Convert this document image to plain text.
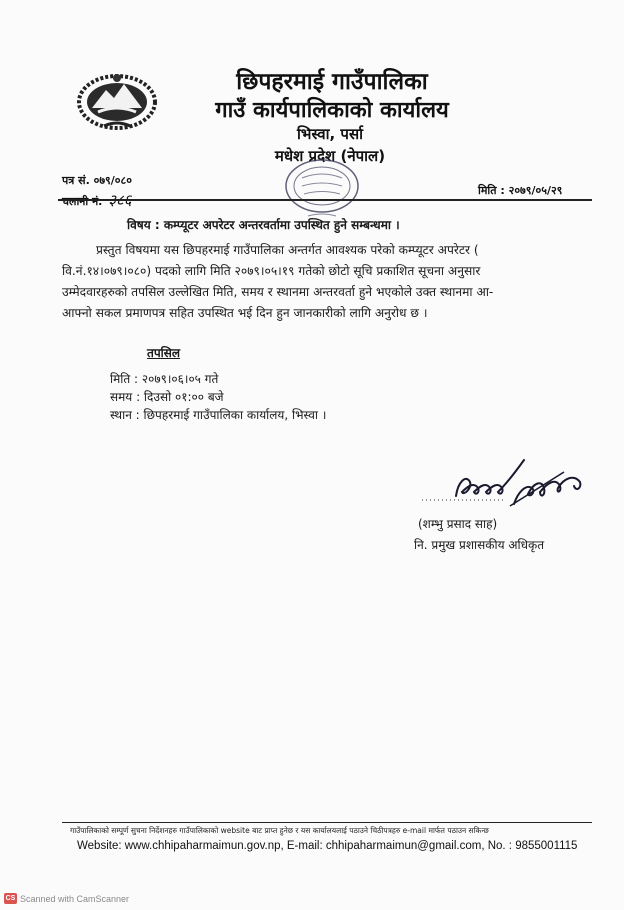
छिपहरमाई गाउँपालिका
गाउँ कार्यपालिकाको कार्यालय
भिस्वा, पर्सा
मधेश प्रदेश (नेपाल)
पत्र सं. ०७९/०८०
चलानी नं. ३८६
मिति : २०७९/०५/२९
विषय : कम्प्यूटर अपरेटर अन्तरवर्तामा उपस्थित हुने सम्बन्धमा ।
प्रस्तुत विषयमा यस छिपहरमाई गाउँपालिका अन्तर्गत आवश्यक परेको कम्प्यूटर अपरेटर (
वि.नं.१४।०७९।०८०) पदको लागि मिति २०७९।०५।१९ गतेको छोटो सूचि प्रकाशित सूचना अनुसार
उम्मेदवारहरुको तपसिल उल्लेखित मिति, समय र स्थानमा अन्तरवर्ता हुने भएकोले उक्त स्थानमा आ-
आफ्नो सकल प्रमाणपत्र सहित उपस्थित भई दिन हुन जानकारीको लागि अनुरोध छ ।
तपसिल
मिति : २०७९।०६।०५ गते
समय : दिउसो ०१:०० बजे
स्थान : छिपहरमाई गाउँपालिका कार्यालय, भिस्वा ।
(शम्भु प्रसाद साह)
नि. प्रमुख प्रशासकीय अधिकृत
गाउँपालिकाको सम्पूर्ण सुचना निर्देशनहरु गाउँपालिकाको website बाट प्राप्त हुनेछ र यस कार्यालयलाई पठाउने चिठीपत्रहरु e-mail मार्फत पठाउन सकिन्छ
Website: www.chhipaharmaimun.gov.np, E-mail: chhipaharmaimun@gmail.com, No. : 9855001115
CS Scanned with CamScanner
